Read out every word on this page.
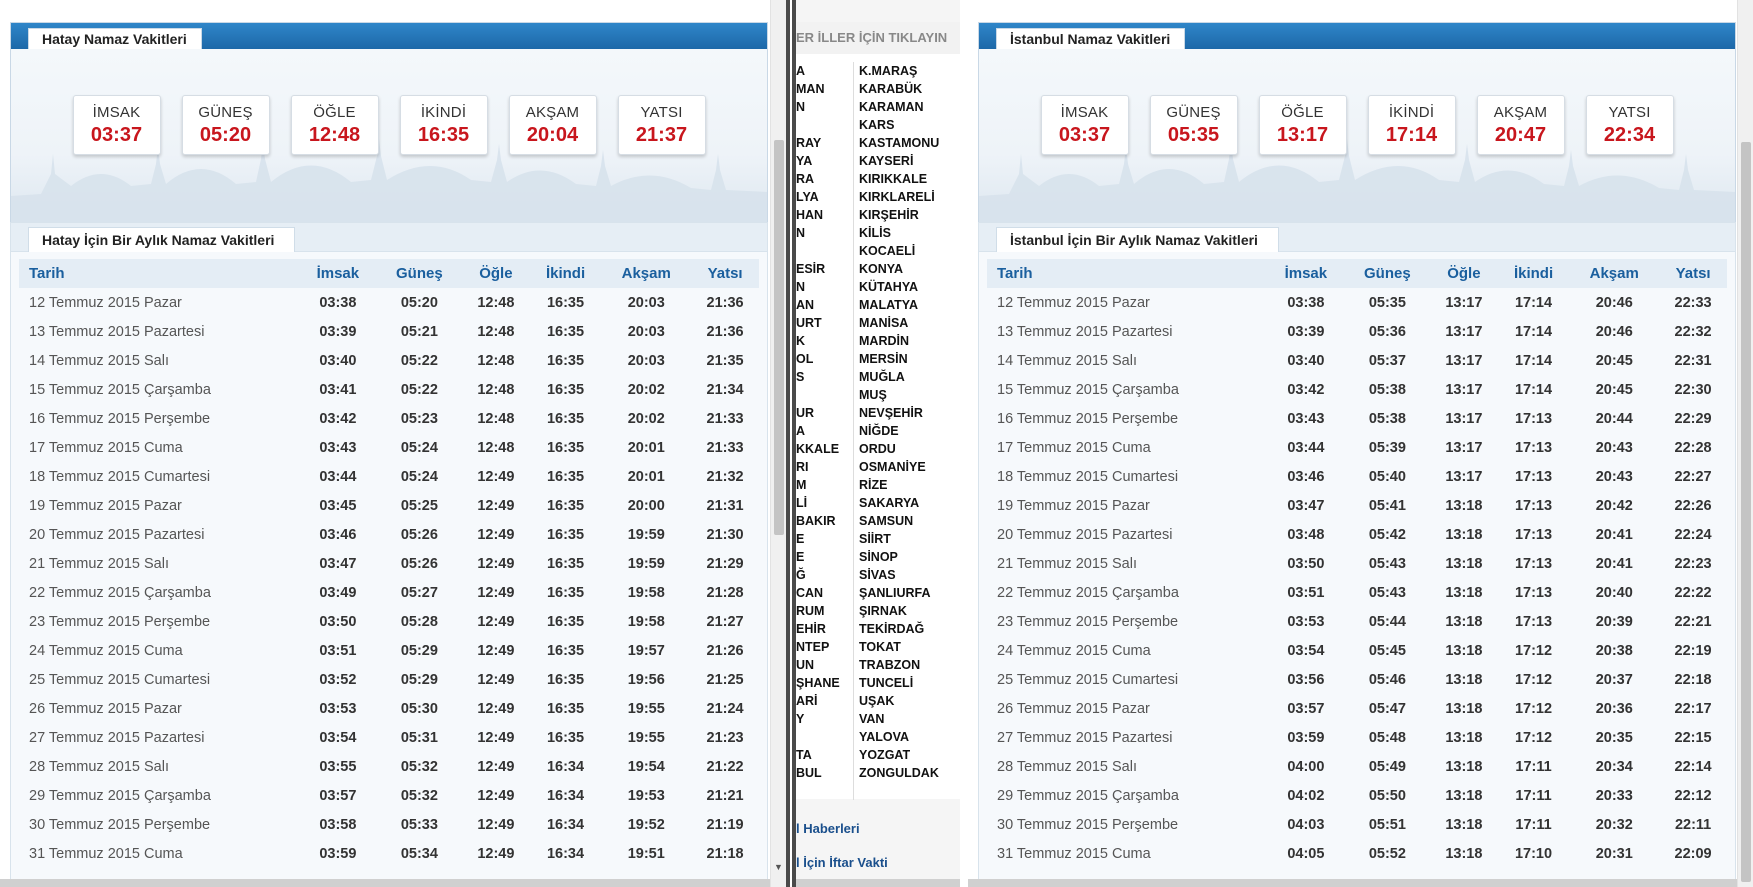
Hatay Namaz Vakitleri
İMSAK
03:37
GÜNEŞ
05:20
ÖĞLE
12:48
İKİNDİ
16:35
AKŞAM
20:04
YATSI
21:37
Hatay İçin Bir Aylık Namaz Vakitleri
Tarih	İmsak	Güneş	Öğle	İkindi	Akşam	Yatsı
12 Temmuz 2015 Pazar	03:38	05:20	12:48	16:35	20:03	21:36
13 Temmuz 2015 Pazartesi	03:39	05:21	12:48	16:35	20:03	21:36
14 Temmuz 2015 Salı	03:40	05:22	12:48	16:35	20:03	21:35
15 Temmuz 2015 Çarşamba	03:41	05:22	12:48	16:35	20:02	21:34
16 Temmuz 2015 Perşembe	03:42	05:23	12:48	16:35	20:02	21:33
17 Temmuz 2015 Cuma	03:43	05:24	12:48	16:35	20:01	21:33
18 Temmuz 2015 Cumartesi	03:44	05:24	12:49	16:35	20:01	21:32
19 Temmuz 2015 Pazar	03:45	05:25	12:49	16:35	20:00	21:31
20 Temmuz 2015 Pazartesi	03:46	05:26	12:49	16:35	19:59	21:30
21 Temmuz 2015 Salı	03:47	05:26	12:49	16:35	19:59	21:29
22 Temmuz 2015 Çarşamba	03:49	05:27	12:49	16:35	19:58	21:28
23 Temmuz 2015 Perşembe	03:50	05:28	12:49	16:35	19:58	21:27
24 Temmuz 2015 Cuma	03:51	05:29	12:49	16:35	19:57	21:26
25 Temmuz 2015 Cumartesi	03:52	05:29	12:49	16:35	19:56	21:25
26 Temmuz 2015 Pazar	03:53	05:30	12:49	16:35	19:55	21:24
27 Temmuz 2015 Pazartesi	03:54	05:31	12:49	16:35	19:55	21:23
28 Temmuz 2015 Salı	03:55	05:32	12:49	16:34	19:54	21:22
29 Temmuz 2015 Çarşamba	03:57	05:32	12:49	16:34	19:53	21:21
30 Temmuz 2015 Perşembe	03:58	05:33	12:49	16:34	19:52	21:19
31 Temmuz 2015 Cuma	03:59	05:34	12:49	16:34	19:51	21:18
▼
ER İLLER İÇİN TIKLAYIN
A
MAN
N
RAY
YA
RA
LYA
HAN
N
ESİR
N
AN
URT
K
OL
S
UR
A
KKALE
RI
M
Lİ
BAKIR
E
E
Ğ
CAN
RUM
EHİR
NTEP
UN
ŞHANE
ARİ
Y
TA
BUL
K.MARAŞ
KARABÜK
KARAMAN
KARS
KASTAMONU
KAYSERİ
KIRIKKALE
KIRKLARELİ
KIRŞEHİR
KİLİS
KOCAELİ
KONYA
KÜTAHYA
MALATYA
MANİSA
MARDİN
MERSİN
MUĞLA
MUŞ
NEVŞEHİR
NİĞDE
ORDU
OSMANİYE
RİZE
SAKARYA
SAMSUN
SİİRT
SİNOP
SİVAS
ŞANLIURFA
ŞIRNAK
TEKİRDAĞ
TOKAT
TRABZON
TUNCELİ
UŞAK
VAN
YALOVA
YOZGAT
ZONGULDAK
l Haberleri
l İçin İftar Vakti
İstanbul Namaz Vakitleri
İMSAK
03:37
GÜNEŞ
05:35
ÖĞLE
13:17
İKİNDİ
17:14
AKŞAM
20:47
YATSI
22:34
İstanbul İçin Bir Aylık Namaz Vakitleri
Tarih	İmsak	Güneş	Öğle	İkindi	Akşam	Yatsı
12 Temmuz 2015 Pazar	03:38	05:35	13:17	17:14	20:46	22:33
13 Temmuz 2015 Pazartesi	03:39	05:36	13:17	17:14	20:46	22:32
14 Temmuz 2015 Salı	03:40	05:37	13:17	17:14	20:45	22:31
15 Temmuz 2015 Çarşamba	03:42	05:38	13:17	17:14	20:45	22:30
16 Temmuz 2015 Perşembe	03:43	05:38	13:17	17:13	20:44	22:29
17 Temmuz 2015 Cuma	03:44	05:39	13:17	17:13	20:43	22:28
18 Temmuz 2015 Cumartesi	03:46	05:40	13:17	17:13	20:43	22:27
19 Temmuz 2015 Pazar	03:47	05:41	13:18	17:13	20:42	22:26
20 Temmuz 2015 Pazartesi	03:48	05:42	13:18	17:13	20:41	22:24
21 Temmuz 2015 Salı	03:50	05:43	13:18	17:13	20:41	22:23
22 Temmuz 2015 Çarşamba	03:51	05:43	13:18	17:13	20:40	22:22
23 Temmuz 2015 Perşembe	03:53	05:44	13:18	17:13	20:39	22:21
24 Temmuz 2015 Cuma	03:54	05:45	13:18	17:12	20:38	22:19
25 Temmuz 2015 Cumartesi	03:56	05:46	13:18	17:12	20:37	22:18
26 Temmuz 2015 Pazar	03:57	05:47	13:18	17:12	20:36	22:17
27 Temmuz 2015 Pazartesi	03:59	05:48	13:18	17:12	20:35	22:15
28 Temmuz 2015 Salı	04:00	05:49	13:18	17:11	20:34	22:14
29 Temmuz 2015 Çarşamba	04:02	05:50	13:18	17:11	20:33	22:12
30 Temmuz 2015 Perşembe	04:03	05:51	13:18	17:11	20:32	22:11
31 Temmuz 2015 Cuma	04:05	05:52	13:18	17:10	20:31	22:09
